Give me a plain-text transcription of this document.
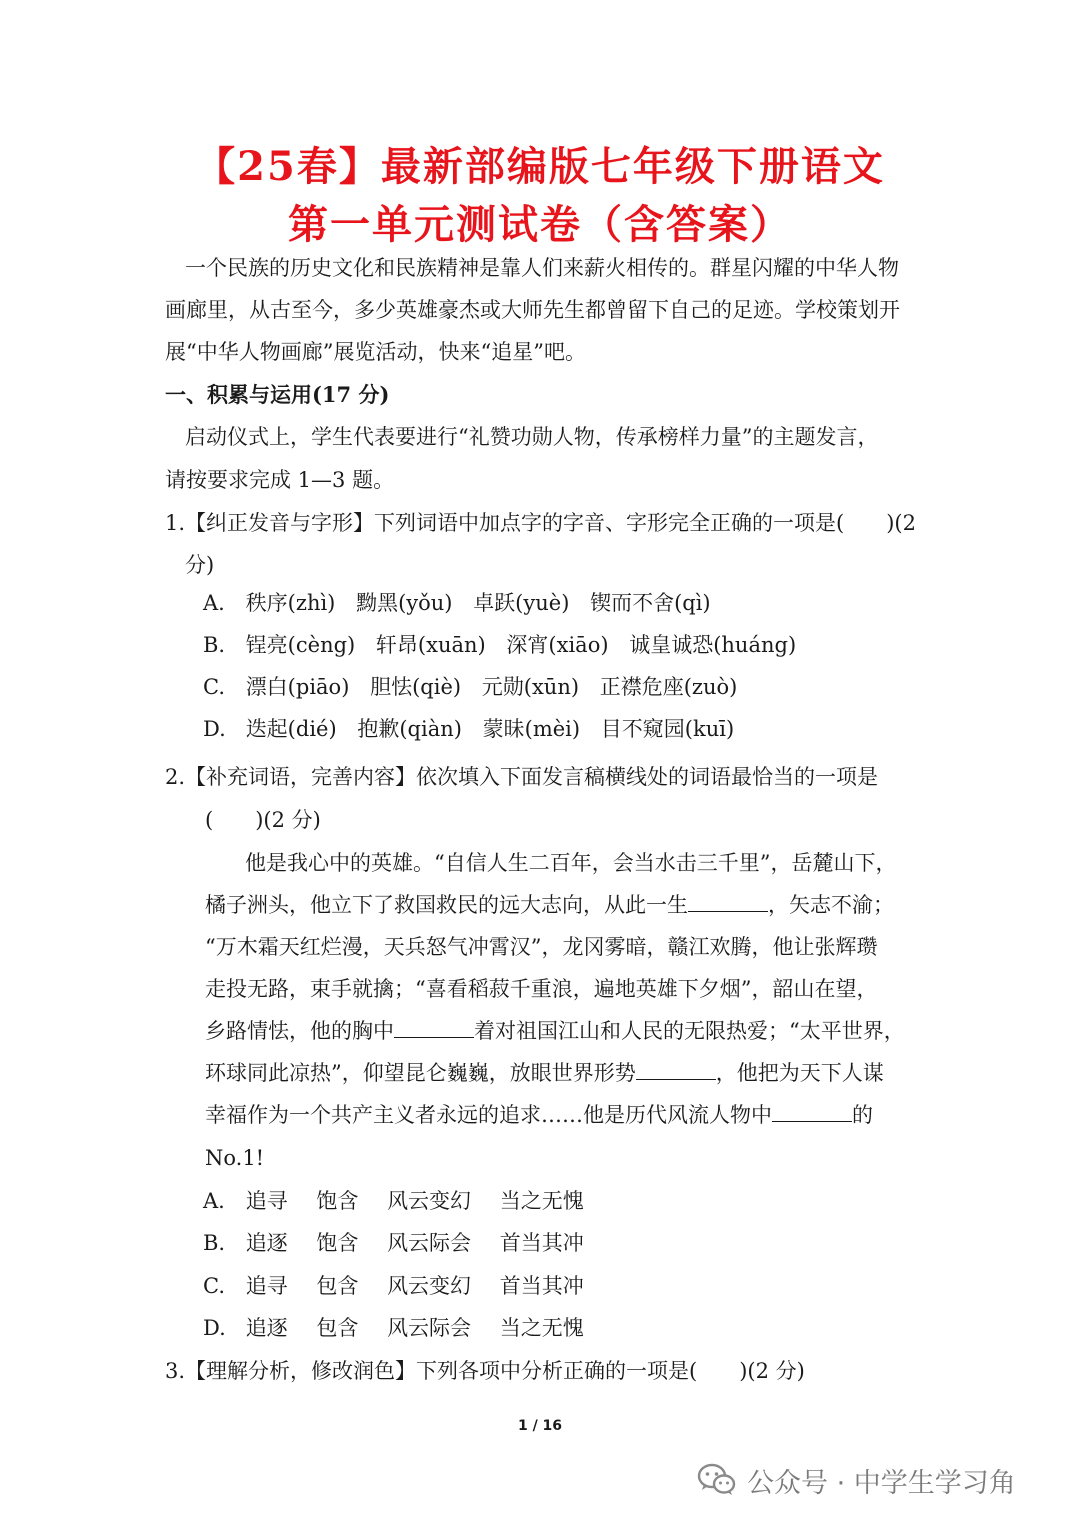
【25春】最新部编版七年级下册语文
第一单元测试卷（含答案）
一个民族的历史文化和民族精神是靠人们来薪火相传的。群星闪耀的中华人物
画廊里，从古至今，多少英雄豪杰或大师先生都曾留下自己的足迹。学校策划开
展“中华人物画廊”展览活动，快来“追星”吧。
一、积累与运用(17 分)
启动仪式上，学生代表要进行“礼赞功勋人物，传承榜样力量”的主题发言，
请按要求完成 1—3 题。
1.【纠正发音与字形】下列词语中加点字的字音、字形完全正确的一项是(　　)(2
分)
A. 秩序(zhì) 黝黑(yǒu) 卓跃(yuè) 锲而不舍(qì)
B. 锃亮(cèng) 轩昂(xuān) 深宵(xiāo) 诚皇诚恐(huáng)
C. 漂白(piāo) 胆怯(qiè) 元勋(xūn) 正襟危座(zuò)
D. 迭起(dié) 抱歉(qiàn) 蒙昧(mèi) 目不窥园(kuī)
2.【补充词语，完善内容】依次填入下面发言稿横线处的词语最恰当的一项是
(　　)(2 分)
他是我心中的英雄。“自信人生二百年，会当水击三千里”，岳麓山下，
橘子洲头，他立下了救国救民的远大志向，从此一生	，矢志不渝；
“万木霜天红烂漫，天兵怒气冲霄汉”，龙冈雾暗，赣江欢腾，他让张辉瓒
走投无路，束手就擒；“喜看稻菽千重浪，遍地英雄下夕烟”，韶山在望，
乡路情怯，他的胸中	着对祖国江山和人民的无限热爱；“太平世界，
环球同此凉热”，仰望昆仑巍巍，放眼世界形势	，他把为天下人谋
幸福作为一个共产主义者永远的追求……他是历代风流人物中	的
No.1!
A. 追寻 饱含 风云变幻 当之无愧
B. 追逐 饱含 风云际会 首当其冲
C. 追寻 包含 风云变幻 首当其冲
D. 追逐 包含 风云际会 当之无愧
3.【理解分析，修改润色】下列各项中分析正确的一项是(　　)(2 分)
1 / 16
公众号 · 中学生学习角
